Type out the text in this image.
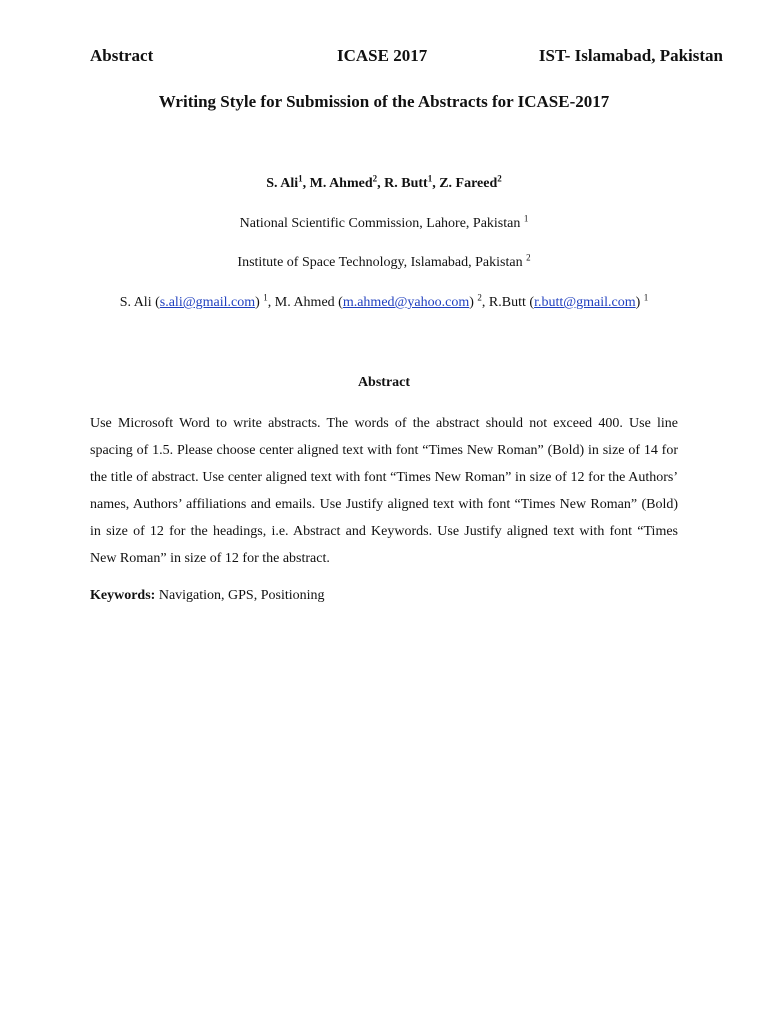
Abstract	ICASE 2017	IST- Islamabad, Pakistan
Writing Style for Submission of the Abstracts for ICASE-2017
S. Ali$^1$, M. Ahmed$^2$, R. Butt$^1$, Z. Fareed$^2$
National Scientific Commission, Lahore, Pakistan $^1$
Institute of Space Technology, Islamabad, Pakistan $^2$
S. Ali (s.ali@gmail.com) $^1$, M. Ahmed (m.ahmed@yahoo.com) $^2$, R.Butt (r.butt@gmail.com) $^1$
Abstract
Use Microsoft Word to write abstracts. The words of the abstract should not exceed 400. Use line spacing of 1.5. Please choose center aligned text with font “Times New Roman” (Bold) in size of 14 for the title of abstract. Use center aligned text with font “Times New Roman” in size of 12 for the Authors’ names, Authors’ affiliations and emails. Use Justify aligned text with font “Times New Roman” (Bold) in size of 12 for the headings, i.e. Abstract and Keywords. Use Justify aligned text with font “Times New Roman” in size of 12 for the abstract.
Keywords: Navigation, GPS, Positioning
